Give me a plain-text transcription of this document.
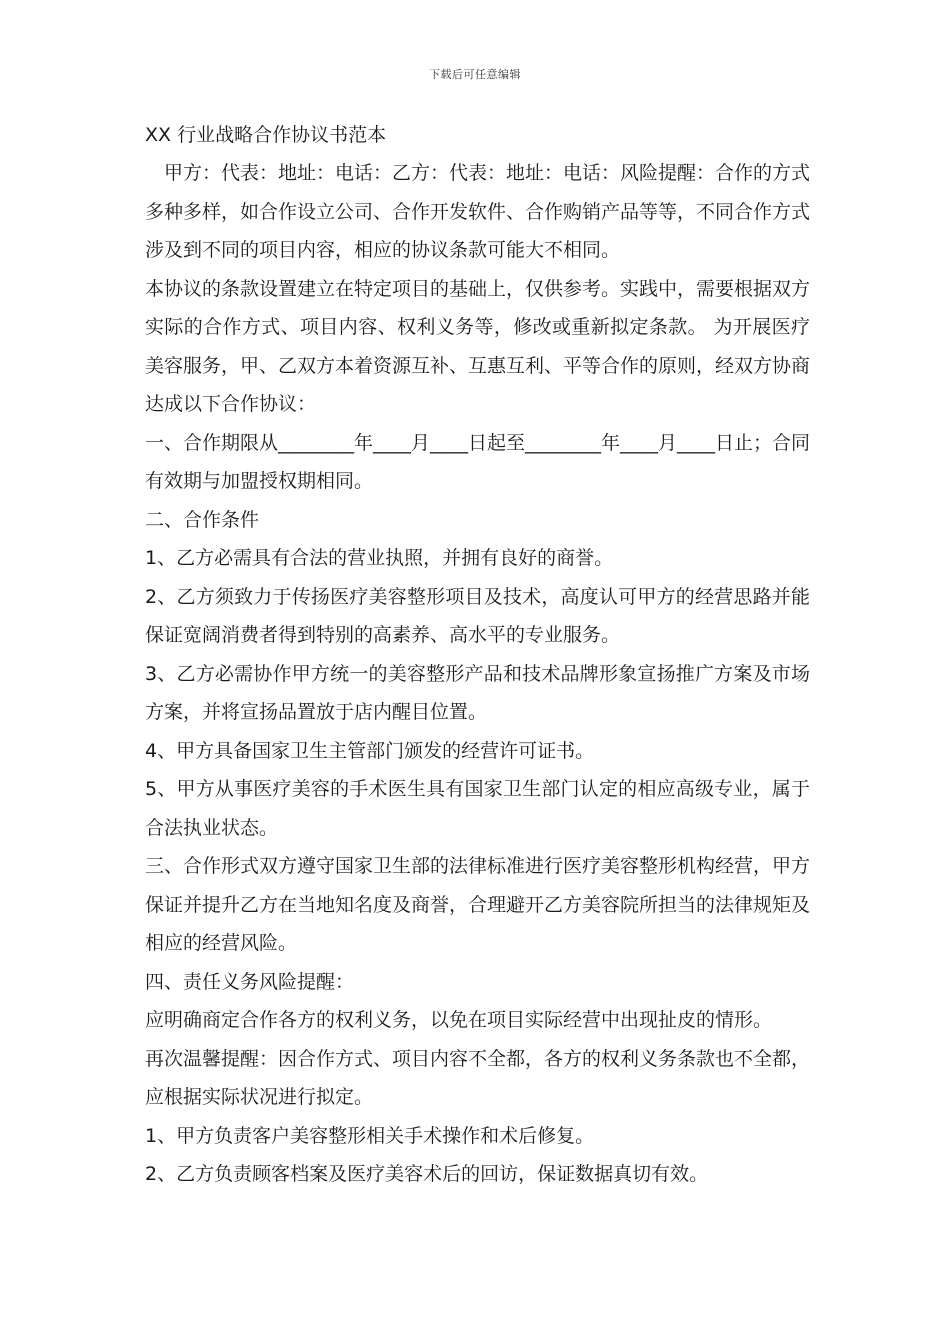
下载后可任意编辑
XX 行业战略合作协议书范本

甲方：代表：地址：电话：乙方：代表：地址：电话：风险提醒：合作的方式多种多样，如合作设立公司、合作开发软件、合作购销产品等等，不同合作方式涉及到不同的项目内容，相应的协议条款可能大不相同。

本协议的条款设置建立在特定项目的基础上，仅供参考。实践中，需要根据双方实际的合作方式、项目内容、权利义务等，修改或重新拟定条款。 为开展医疗美容服务，甲、乙双方本着资源互补、互惠互利、平等合作的原则，经双方协商达成以下合作协议：

一、合作期限从________年____月____日起至________年____月____日止；合同有效期与加盟授权期相同。

二、合作条件

1、乙方必需具有合法的营业执照，并拥有良好的商誉。

2、乙方须致力于传扬医疗美容整形项目及技术，高度认可甲方的经营思路并能保证宽阔消费者得到特别的高素养、高水平的专业服务。

3、乙方必需协作甲方统一的美容整形产品和技术品牌形象宣扬推广方案及市场方案，并将宣扬品置放于店内醒目位置。

4、甲方具备国家卫生主管部门颁发的经营许可证书。

5、甲方从事医疗美容的手术医生具有国家卫生部门认定的相应高级专业，属于合法执业状态。

三、合作形式双方遵守国家卫生部的法律标准进行医疗美容整形机构经营，甲方保证并提升乙方在当地知名度及商誉，合理避开乙方美容院所担当的法律规矩及相应的经营风险。

四、责任义务风险提醒：

应明确商定合作各方的权利义务，以免在项目实际经营中出现扯皮的情形。

再次温馨提醒：因合作方式、项目内容不全都，各方的权利义务条款也不全都，应根据实际状况进行拟定。

1、甲方负责客户美容整形相关手术操作和术后修复。

2、乙方负责顾客档案及医疗美容术后的回访，保证数据真切有效。
